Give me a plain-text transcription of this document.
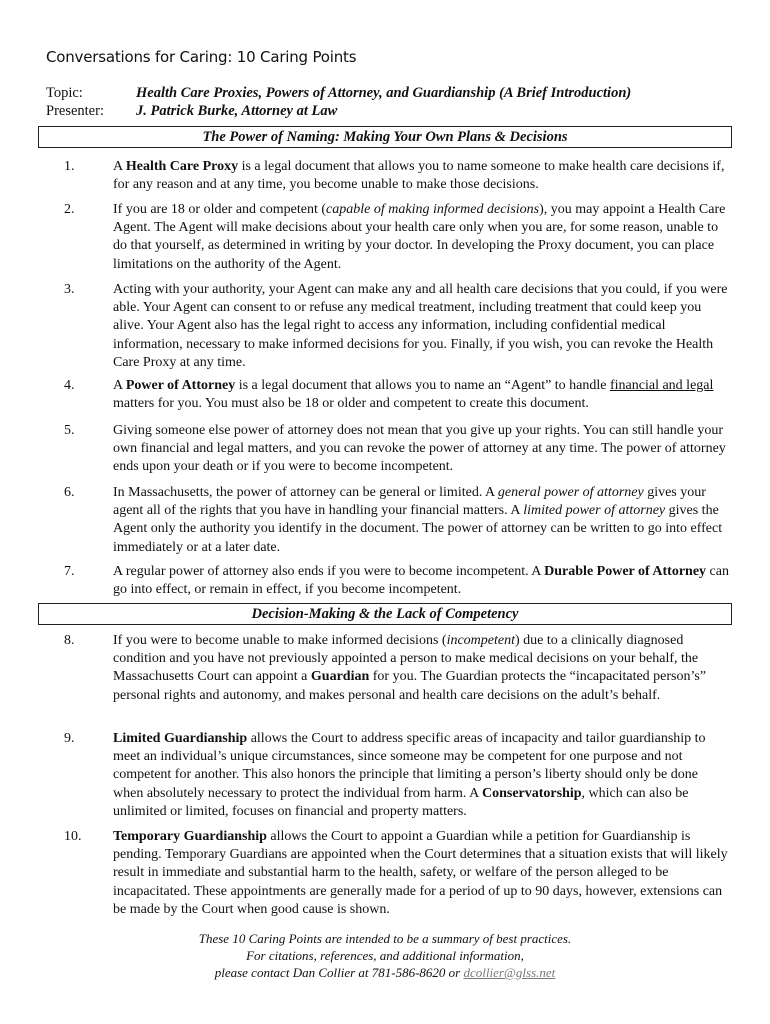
Conversations for Caring: 10 Caring Points
Topic:	Health Care Proxies, Powers of Attorney, and Guardianship (A Brief Introduction)
Presenter:	J. Patrick Burke, Attorney at Law
The Power of Naming: Making Your Own Plans & Decisions
1.	A Health Care Proxy is a legal document that allows you to name someone to make health care decisions if, for any reason and at any time, you become unable to make those decisions.
2.	If you are 18 or older and competent (capable of making informed decisions), you may appoint a Health Care Agent. The Agent will make decisions about your health care only when you are, for some reason, unable to do that yourself, as determined in writing by your doctor. In developing the Proxy document, you can place limitations on the authority of the Agent.
3.	Acting with your authority, your Agent can make any and all health care decisions that you could, if you were able. Your Agent can consent to or refuse any medical treatment, including treatment that could keep you alive. Your Agent also has the legal right to access any information, including confidential medical information, necessary to make informed decisions for you. Finally, if you wish, you can revoke the Health Care Proxy at any time.
4.	A Power of Attorney is a legal document that allows you to name an “Agent” to handle financial and legal matters for you. You must also be 18 or older and competent to create this document.
5.	Giving someone else power of attorney does not mean that you give up your rights. You can still handle your own financial and legal matters, and you can revoke the power of attorney at any time. The power of attorney ends upon your death or if you were to become incompetent.
6.	In Massachusetts, the power of attorney can be general or limited. A general power of attorney gives your agent all of the rights that you have in handling your financial matters. A limited power of attorney gives the Agent only the authority you identify in the document. The power of attorney can be written to go into effect immediately or at a later date.
7.	A regular power of attorney also ends if you were to become incompetent. A Durable Power of Attorney can go into effect, or remain in effect, if you become incompetent.
Decision-Making & the Lack of Competency
8.	If you were to become unable to make informed decisions (incompetent) due to a clinically diagnosed condition and you have not previously appointed a person to make medical decisions on your behalf, the Massachusetts Court can appoint a Guardian for you. The Guardian protects the “incapacitated person’s” personal rights and autonomy, and makes personal and health care decisions on the adult’s behalf.
9.	Limited Guardianship allows the Court to address specific areas of incapacity and tailor guardianship to meet an individual’s unique circumstances, since someone may be competent for one purpose and not competent for another. This also honors the principle that limiting a person’s liberty should only be done when absolutely necessary to protect the individual from harm. A Conservatorship, which can also be unlimited or limited, focuses on financial and property matters.
10.	Temporary Guardianship allows the Court to appoint a Guardian while a petition for Guardianship is pending. Temporary Guardians are appointed when the Court determines that a situation exists that will likely result in immediate and substantial harm to the health, safety, or welfare of the person alleged to be incapacitated. These appointments are generally made for a period of up to 90 days, however, extensions can be made by the Court when good cause is shown.
These 10 Caring Points are intended to be a summary of best practices.
For citations, references, and additional information,
please contact Dan Collier at 781-586-8620 or dcollier@glss.net
